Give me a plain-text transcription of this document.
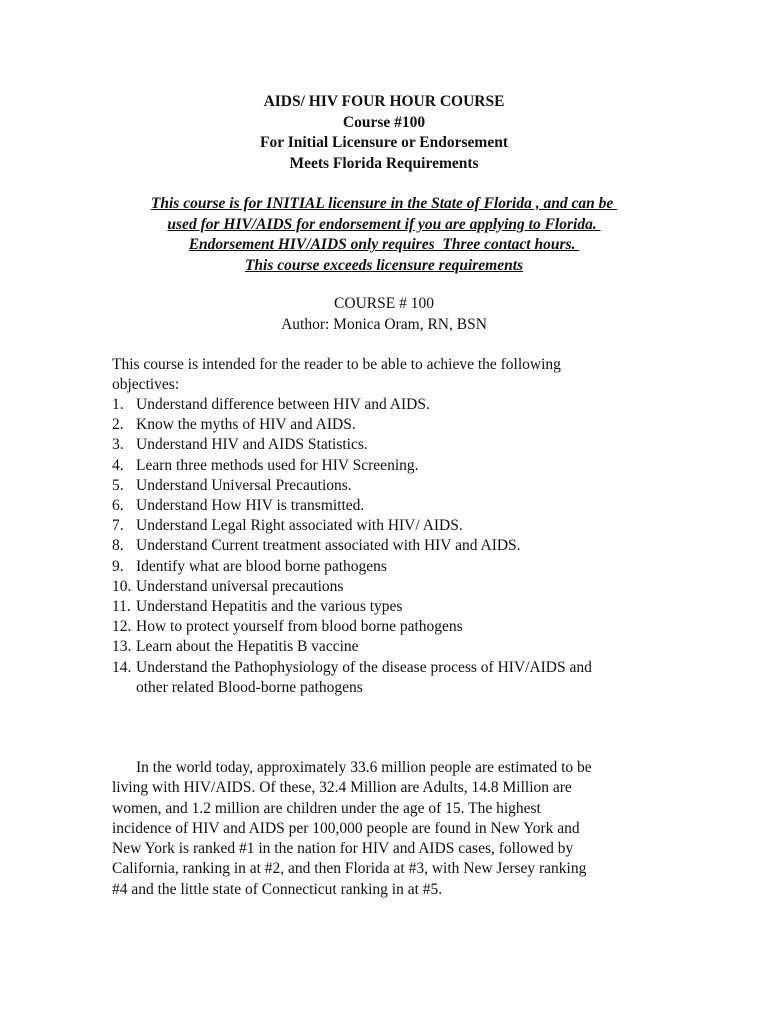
AIDS/ HIV FOUR HOUR COURSE
Course #100
For Initial Licensure or Endorsement
Meets Florida Requirements
This course is for INITIAL licensure in the State of Florida , and can be
used for HIV/AIDS for endorsement if you are applying to Florida.
Endorsement HIV/AIDS only requires  Three contact hours.
This course exceeds licensure requirements
COURSE # 100
Author: Monica Oram, RN, BSN
This course is intended for the reader to be able to achieve the following
objectives:
1. Understand difference between HIV and AIDS.
2. Know the myths of HIV and AIDS.
3. Understand HIV and AIDS Statistics.
4. Learn three methods used for HIV Screening.
5. Understand Universal Precautions.
6. Understand How HIV is transmitted.
7. Understand Legal Right associated with HIV/ AIDS.
8. Understand Current treatment associated with HIV and AIDS.
9. Identify what are blood borne pathogens
10. Understand universal precautions
11. Understand Hepatitis and the various types
12. How to protect yourself from blood borne pathogens
13. Learn about the Hepatitis B vaccine
14. Understand the Pathophysiology of the disease process of HIV/AIDS and
other related Blood-borne pathogens
In the world today, approximately 33.6 million people are estimated to be
living with HIV/AIDS. Of these, 32.4 Million are Adults, 14.8 Million are
women, and 1.2 million are children under the age of 15. The highest
incidence of HIV and AIDS per 100,000 people are found in New York and
New York is ranked #1 in the nation for HIV and AIDS cases, followed by
California, ranking in at #2, and then Florida at #3, with New Jersey ranking
#4 and the little state of Connecticut ranking in at #5.
